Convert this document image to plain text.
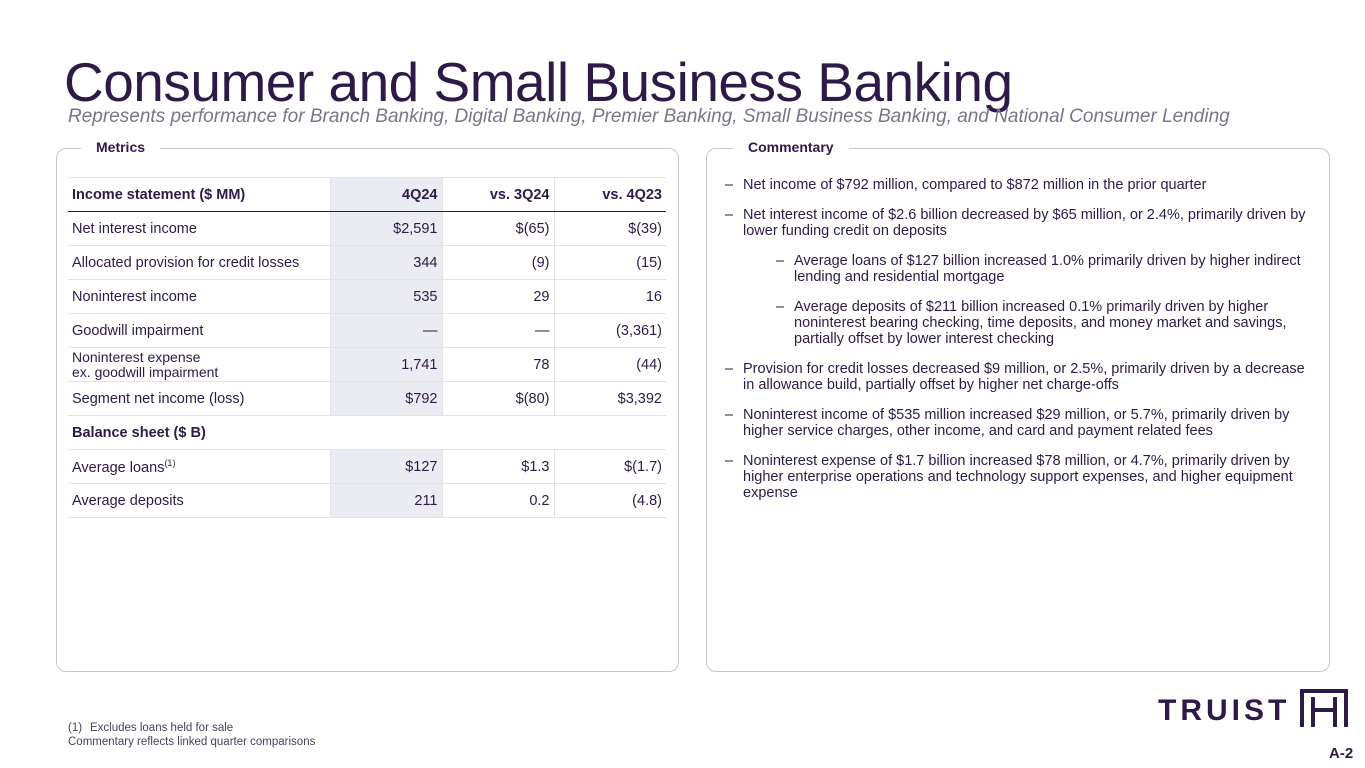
Consumer and Small Business Banking
Represents performance for Branch Banking, Digital Banking, Premier Banking, Small Business Banking, and National Consumer Lending
Metrics
Income statement ($ MM)	4Q24	vs. 3Q24	vs. 4Q23
Net interest income	$2,591	$(65)	$(39)
Allocated provision for credit losses	344	(9)	(15)
Noninterest income	535	29	16
Goodwill impairment	—	—	(3,361)

Noninterest expense
ex. goodwill impairment	1,741	78	(44)
Segment net income (loss)	$792	$(80)	$3,392
Balance sheet ($ B)			
Average loans$^{(1)}$	$127	$1.3	$(1.7)
Average deposits	211	0.2	(4.8)
Commentary
– Net income of $792 million, compared to $872 million in the prior quarter
– Net interest income of $2.6 billion decreased by $65 million, or 2.4%, primarily driven by lower funding credit on deposits
– Average loans of $127 billion increased 1.0% primarily driven by higher indirect lending and residential mortgage
– Average deposits of $211 billion increased 0.1% primarily driven by higher noninterest bearing checking, time deposits, and money market and savings, partially offset by lower interest checking
– Provision for credit losses decreased $9 million, or 2.5%, primarily driven by a decrease in allowance build, partially offset by higher net charge-offs
– Noninterest income of $535 million increased $29 million, or 5.7%, primarily driven by higher service charges, other income, and card and payment related fees
– Noninterest expense of $1.7 billion increased $78 million, or 4.7%, primarily driven by higher enterprise operations and technology support expenses, and higher equipment expense
(1) Excludes loans held for sale
Commentary reflects linked quarter comparisons
TRUIST
A-2
